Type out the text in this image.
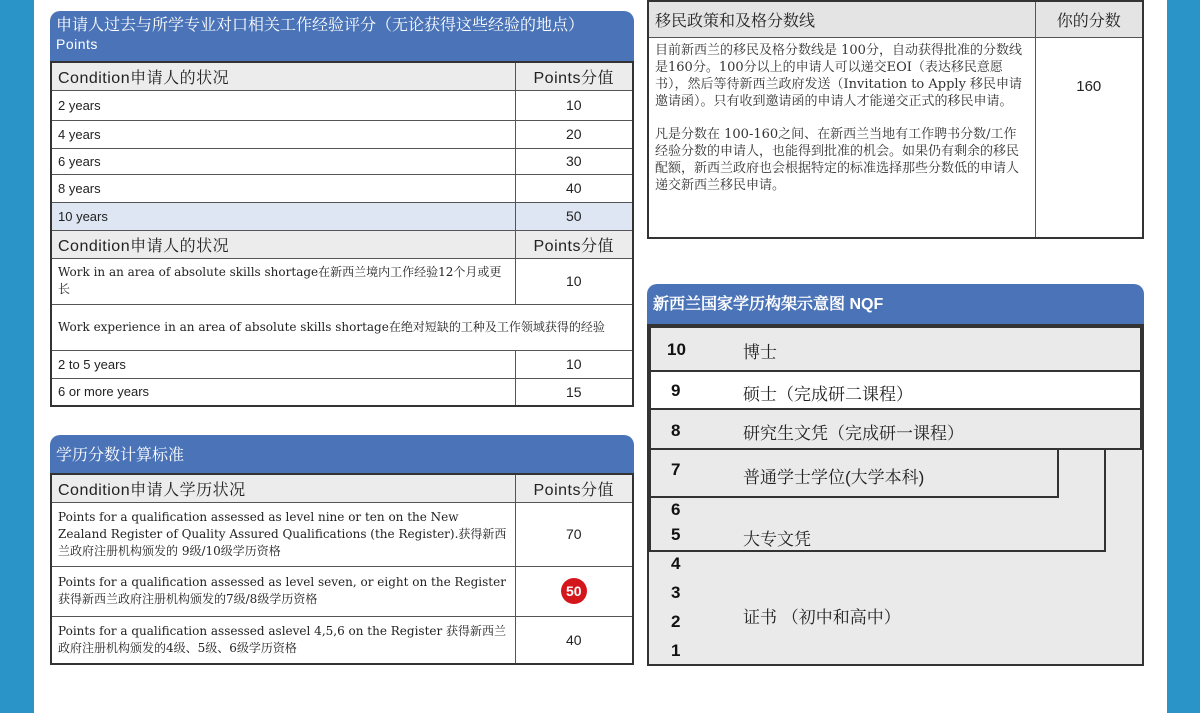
申请人过去与所学专业对口相关工作经验评分（无论获得这些经验的地点）
Points
Condition申请人的状况	Points分值
2 years	10
4 years	20
6 years	30
8 years	40
10 years	50
Condition申请人的状况	Points分值
Work in an area of absolute skills shortage在新西兰境内工作经验12个月或更长	10
Work experience in an area of absolute skills shortage在绝对短缺的工种及工作领域获得的经验	
2 to 5 years	10
6 or more years	15
学历分数计算标准
Condition申请人学历状况	Points分值
Points for a qualification assessed as level nine or ten on the New Zealand Register of Quality Assured Qualifications (the Register).获得新西兰政府注册机构颁发的 9级/10级学历资格	70
Points for a qualification assessed as level seven, or eight on the Register 获得新西兰政府注册机构颁发的7级/8级学历资格	50
Points for a qualification assessed aslevel 4,5,6 on the Register 获得新西兰政府注册机构颁发的4级、5级、6级学历资格	40
移民政策和及格分数线	你的分数

目前新西兰的移民及格分数线是 100分，自动获得批准的分数线是160分。100分以上的申请人可以递交EOI（表达移民意愿书），然后等待新西兰政府发送（Invitation to Apply 移民申请邀请函）。只有收到邀请函的申请人才能递交正式的移民申请。

凡是分数在 100-160之间、在新西兰当地有工作聘书分数/工作经验分数的申请人，也能得到批准的机会。如果仍有剩余的移民配额，新西兰政府也会根据特定的标准选择那些分数低的申请人递交新西兰移民申请。	160
新西兰国家学历构架示意图 NQF
10	博士
9	硕士（完成研二课程）
8	研究生文凭（完成研一课程）
7	普通学士学位(大学本科)
6
5	大专文凭
4
3
2	证书 （初中和高中）
1
